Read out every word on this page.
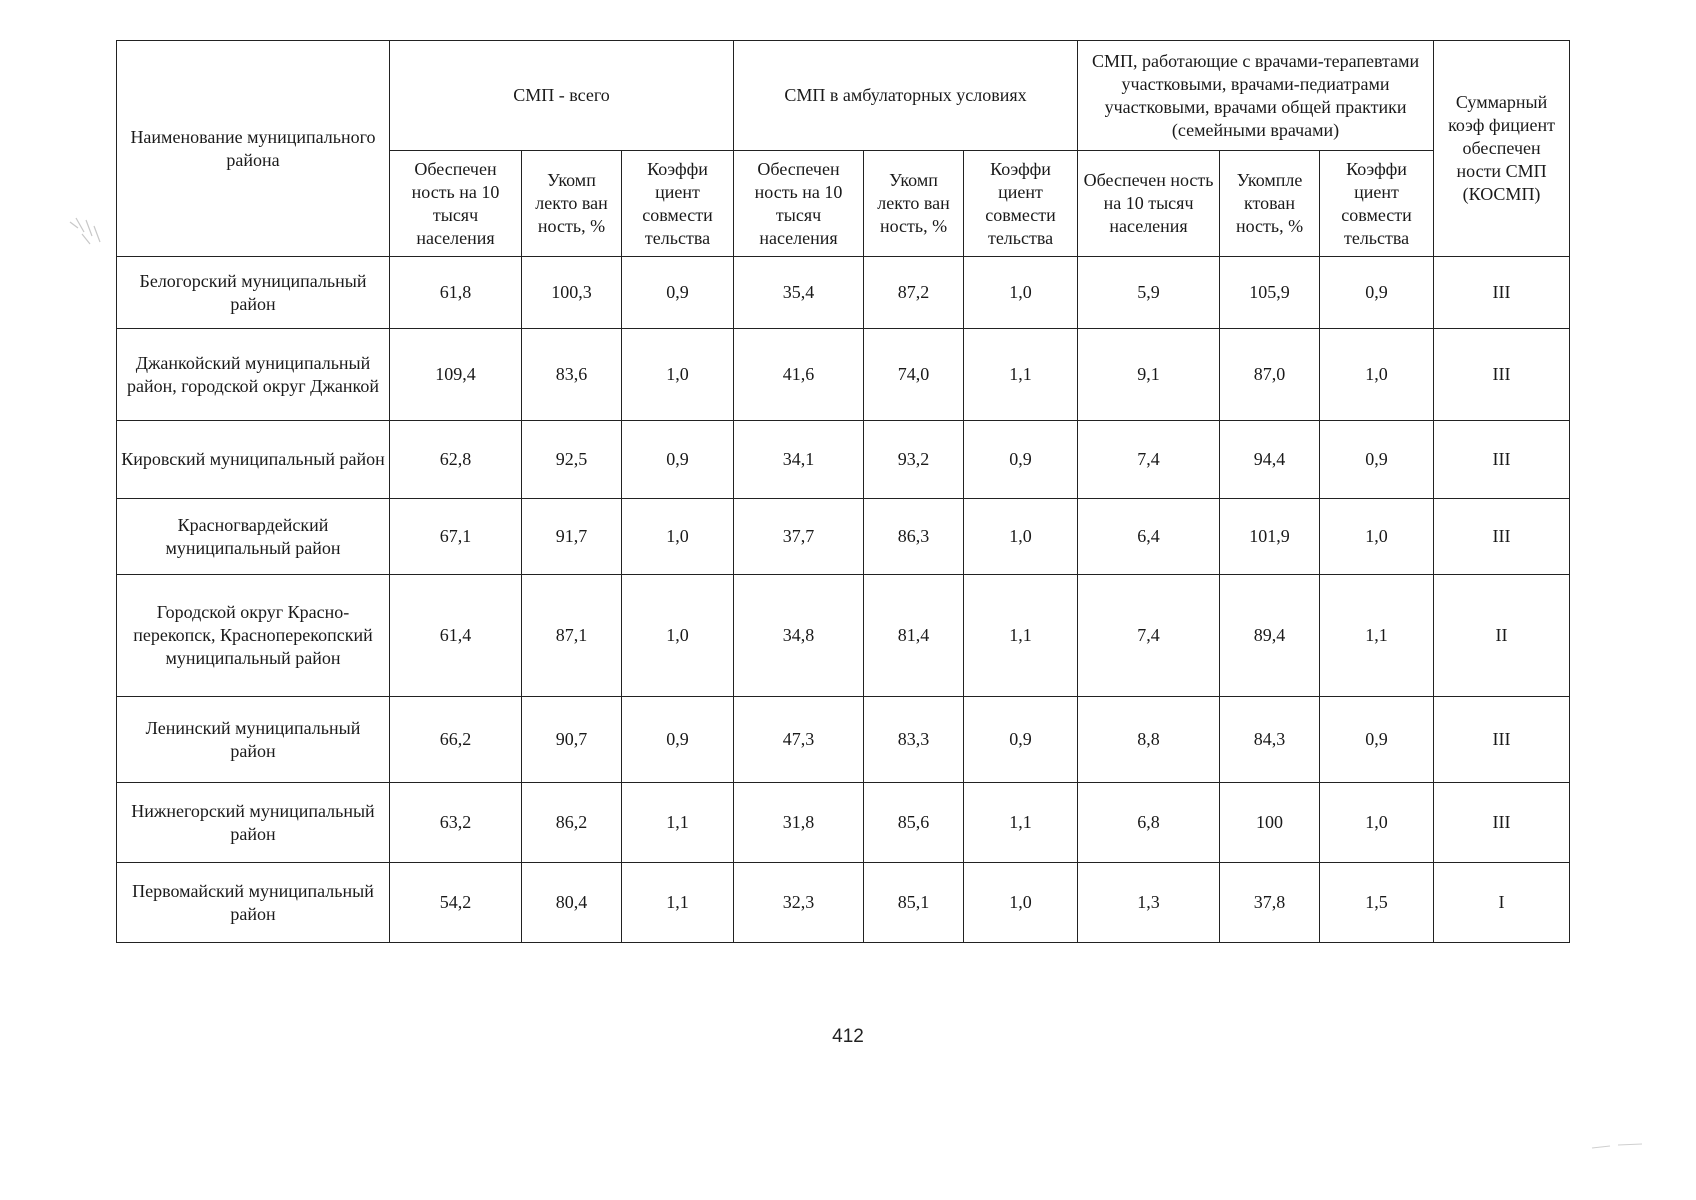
Наименование муниципального района	СМП - всего			СМП в амбулаторных условиях			СМП, работающие с врачами-терапевтами участковыми, врачами-педиатрами участковыми, врачами общей практики (семейными врачами)			Суммарный коэф фициент обеспечен ности СМП (КОСМП)
	Обеспечен ность на 10 тысяч населения	Укомп лекто ван ность, %	Коэффи циент совмести тельства	Обеспечен ность на 10 тысяч населения	Укомп лекто ван ность, %	Коэффи циент совмести тельства	Обеспечен ность на 10 тысяч населения	Укомпле ктован ность, %	Коэффи циент совмести тельства	
Белогорский муниципальный район	61,8	100,3	0,9	35,4	87,2	1,0	5,9	105,9	0,9	III
Джанкойский муниципальный район, городской округ Джанкой	109,4	83,6	1,0	41,6	74,0	1,1	9,1	87,0	1,0	III
Кировский муниципальный район	62,8	92,5	0,9	34,1	93,2	0,9	7,4	94,4	0,9	III
Красногвардейский муниципальный район	67,1	91,7	1,0	37,7	86,3	1,0	6,4	101,9	1,0	III
Городской округ Красно-перекопск, Красноперекопский муниципальный район	61,4	87,1	1,0	34,8	81,4	1,1	7,4	89,4	1,1	II
Ленинский муниципальный район	66,2	90,7	0,9	47,3	83,3	0,9	8,8	84,3	0,9	III
Нижнегорский муниципальный район	63,2	86,2	1,1	31,8	85,6	1,1	6,8	100	1,0	III
Первомайский муниципальный район	54,2	80,4	1,1	32,3	85,1	1,0	1,3	37,8	1,5	I
412
